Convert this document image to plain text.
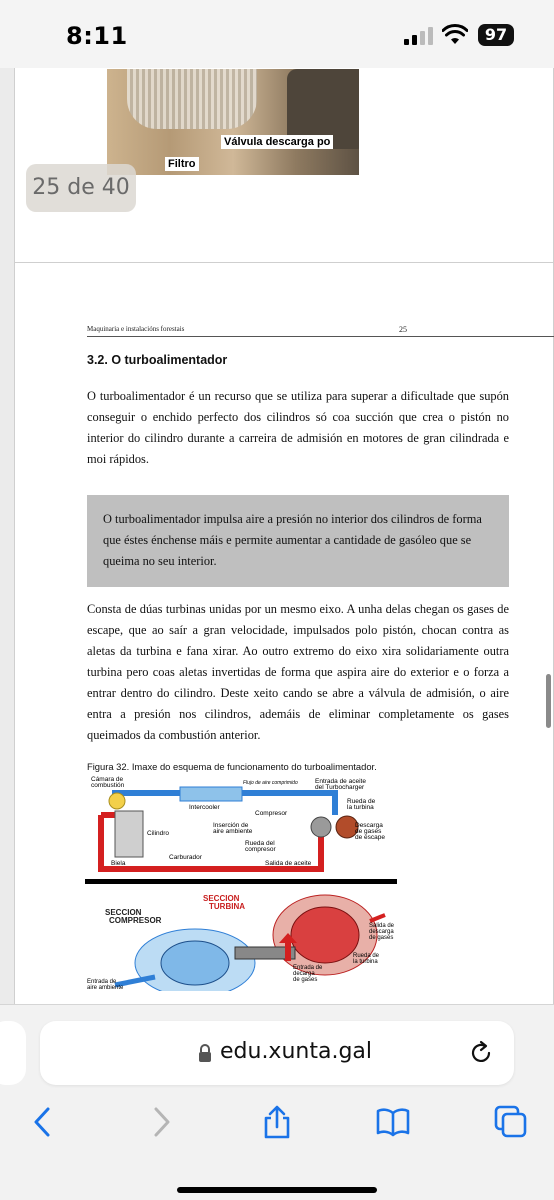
8:11	97
Válvula descarga po
Filtro
25 de 40
Maquinaria e instalacións forestais	25
3.2. O turboalimentador
O turboalimentador é un recurso que se utiliza para superar a dificultade que supón conseguir o enchido perfecto dos cilindros só coa succión que crea o pistón no interior do cilindro durante a carreira de admisión en motores de gran cilindrada e moi rápidos.
O turboalimentador impulsa aire a presión no interior dos cilindros de forma que éstes énchense máis e permite aumentar a cantidade de gasóleo que se queima no seu interior.
Consta de dúas turbinas unidas por un mesmo eixo. A unha delas chegan os gases de escape, que ao saír a gran velocidade, impulsados polo pistón, chocan contra as aletas da turbina e fana xirar. Ao outro extremo do eixo xira solidariamente outra turbina pero coas aletas invertidas de forma que aspira aire do exterior e o forza a entrar dentro do cilindro. Deste xeito cando se abre a válvula de admisión, o aire entra a presión nos cilindros, ademáis de eliminar completamente os gases queimados da combustión anterior.
Figura 32. Imaxe do esquema de funcionamento do turboalimentador.
Cámara de
combustión	Flujo de aire comprimido	Entrada de aceite
del Turbocharger
Intercooler
Compresor
Rueda de
la turbina
Inserción de
aire ambiente
Descarga
de gases
de escape
Cilindro
Rueda del
compresor
Carburador
Biela	Salida de aceite
SECCION
TURBINA
SECCION
COMPRESOR
Salida de
descarga
de gases
Rueda de
la turbina
Entrada de
decarga
de gases
Entrada de
aire ambiente
edu.xunta.gal
